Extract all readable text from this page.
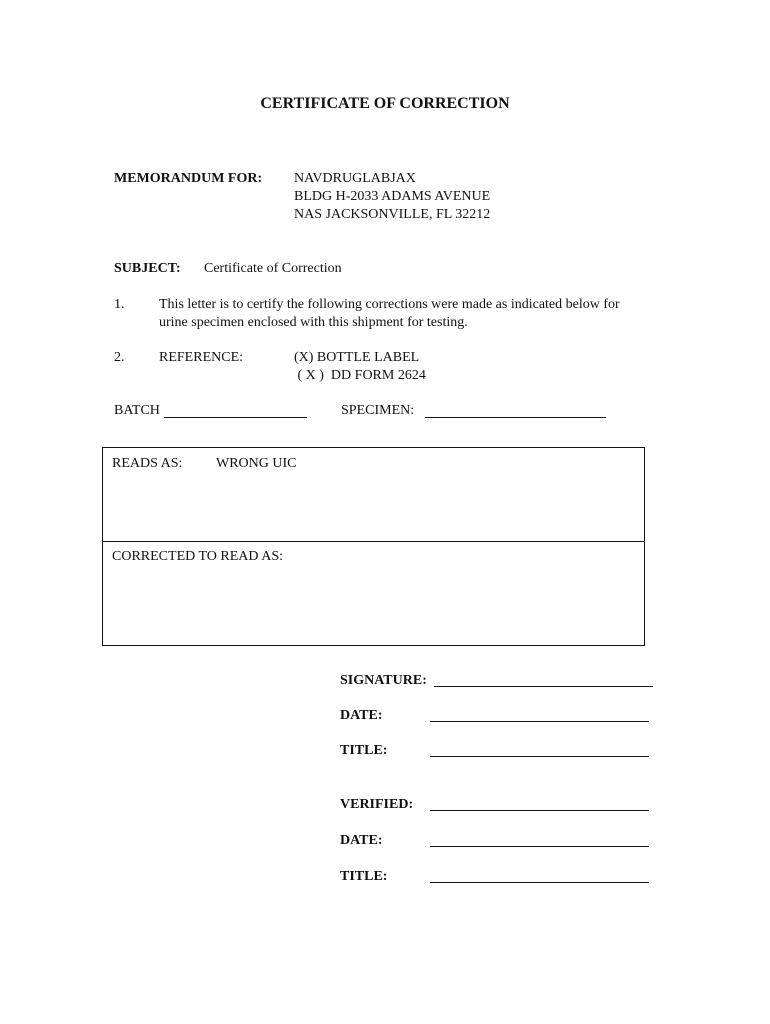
CERTIFICATE OF CORRECTION
MEMORANDUM FOR: NAVDRUGLABJAX
BLDG H-2033 ADAMS AVENUE
NAS JACKSONVILLE, FL 32212
SUBJECT: Certificate of Correction
1. This letter is to certify the following corrections were made as indicated below for
urine specimen enclosed with this shipment for testing.
2. REFERENCE:	(X) BOTTLE LABEL
( X )  DD FORM 2624
BATCH	SPECIMEN:
READS AS: WRONG UIC
CORRECTED TO READ AS:
SIGNATURE:
DATE:
TITLE:
VERIFIED:
DATE:
TITLE:
